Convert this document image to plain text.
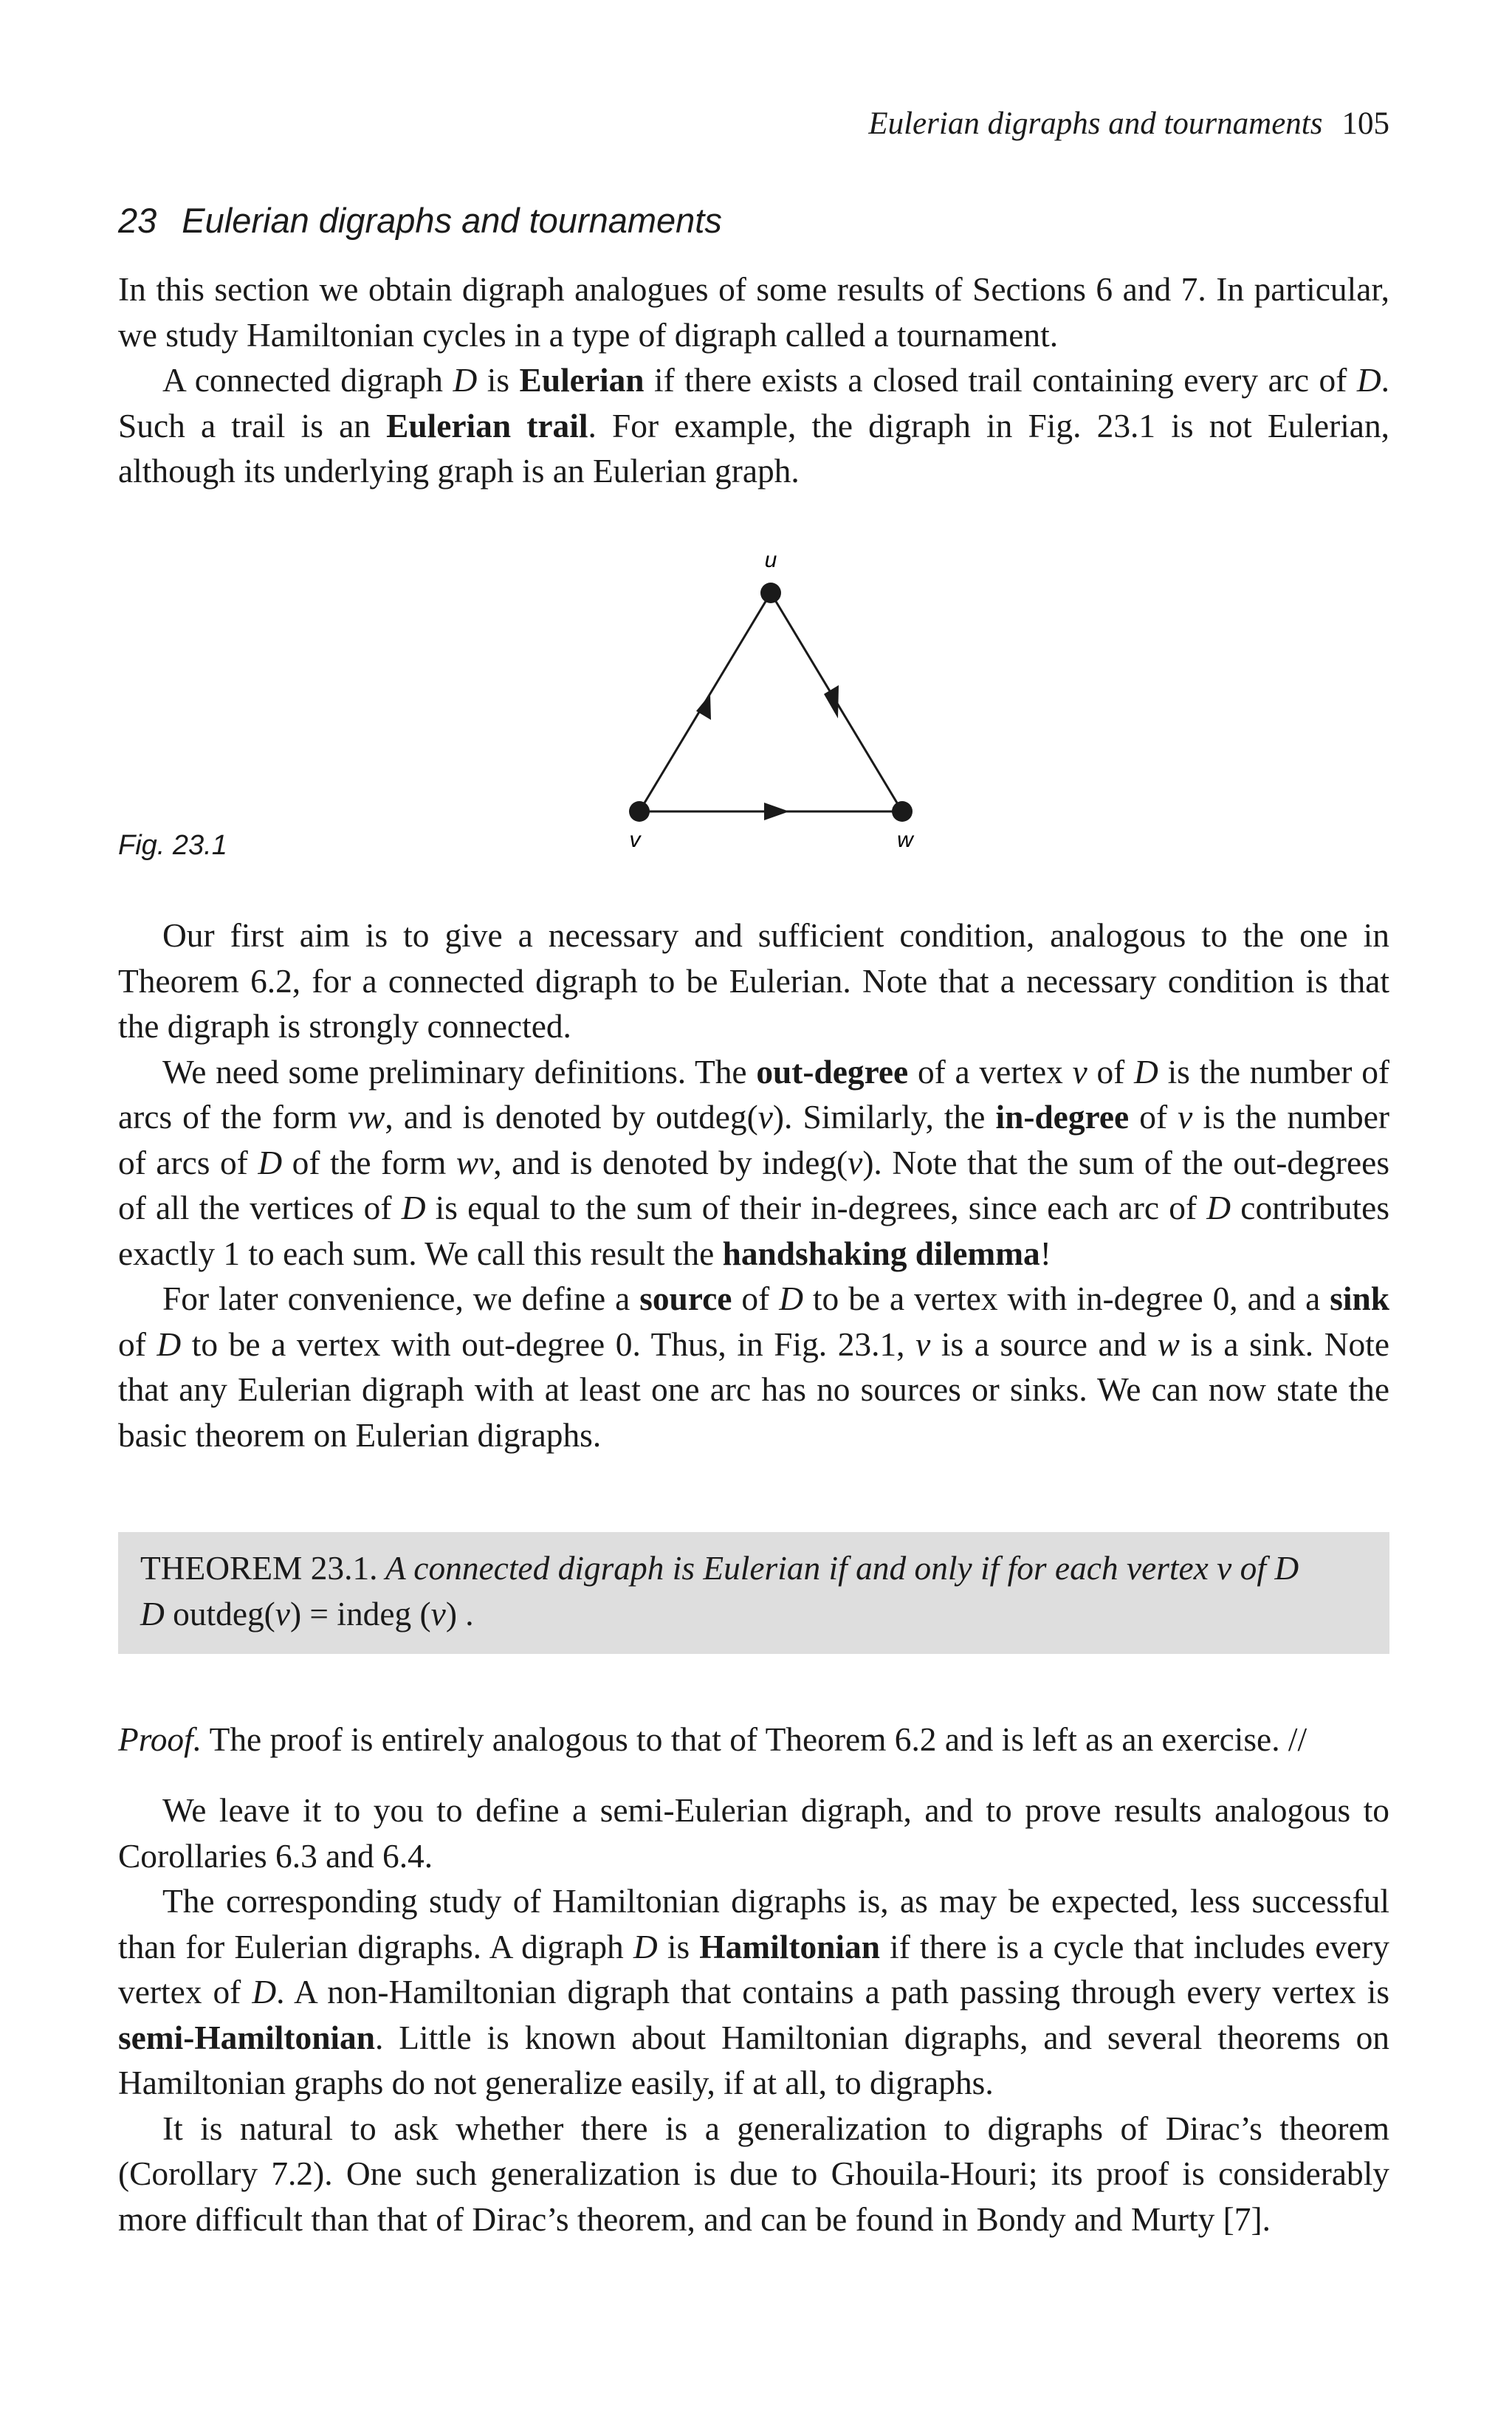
Eulerian digraphs and tournaments 105
23 Eulerian digraphs and tournaments

In this section we obtain digraph analogues of some results of Sections 6 and 7. In particular, we study Hamiltonian cycles in a type of digraph called a tournament.

A connected digraph D is Eulerian if there exists a closed trail containing every arc of D. Such a trail is an Eulerian trail. For example, the digraph in Fig. 23.1 is not Eulerian, although its underlying graph is an Eulerian graph.

u
v	w
Fig. 23.1

Our first aim is to give a necessary and sufficient condition, analogous to the one in Theorem 6.2, for a connected digraph to be Eulerian. Note that a necessary condition is that the digraph is strongly connected.

We need some preliminary definitions. The out-degree of a vertex v of D is the number of arcs of the form vw, and is denoted by outdeg(v). Similarly, the in-degree of v is the number of arcs of D of the form wv, and is denoted by indeg(v). Note that the sum of the out-degrees of all the vertices of D is equal to the sum of their in-degrees, since each arc of D contributes exactly 1 to each sum. We call this result the handshaking dilemma!

For later convenience, we define a source of D to be a vertex with in-degree 0, and a sink of D to be a vertex with out-degree 0. Thus, in Fig. 23.1, v is a source and w is a sink. Note that any Eulerian digraph with at least one arc has no sources or sinks. We can now state the basic theorem on Eulerian digraphs.

THEOREM 23.1. A connected digraph is Eulerian if and only if for each vertex v of D
D outdeg(v) = indeg (v) .

Proof. The proof is entirely analogous to that of Theorem 6.2 and is left as an exercise. //

We leave it to you to define a semi-Eulerian digraph, and to prove results analogous to Corollaries 6.3 and 6.4.

The corresponding study of Hamiltonian digraphs is, as may be expected, less successful than for Eulerian digraphs. A digraph D is Hamiltonian if there is a cycle that includes every vertex of D. A non-Hamiltonian digraph that contains a path passing through every vertex is semi-Hamiltonian. Little is known about Hamiltonian digraphs, and several theorems on Hamiltonian graphs do not generalize easily, if at all, to digraphs.

It is natural to ask whether there is a generalization to digraphs of Dirac’s theorem (Corollary 7.2). One such generalization is due to Ghouila-Houri; its proof is considerably more difficult than that of Dirac’s theorem, and can be found in Bondy and Murty [7].
